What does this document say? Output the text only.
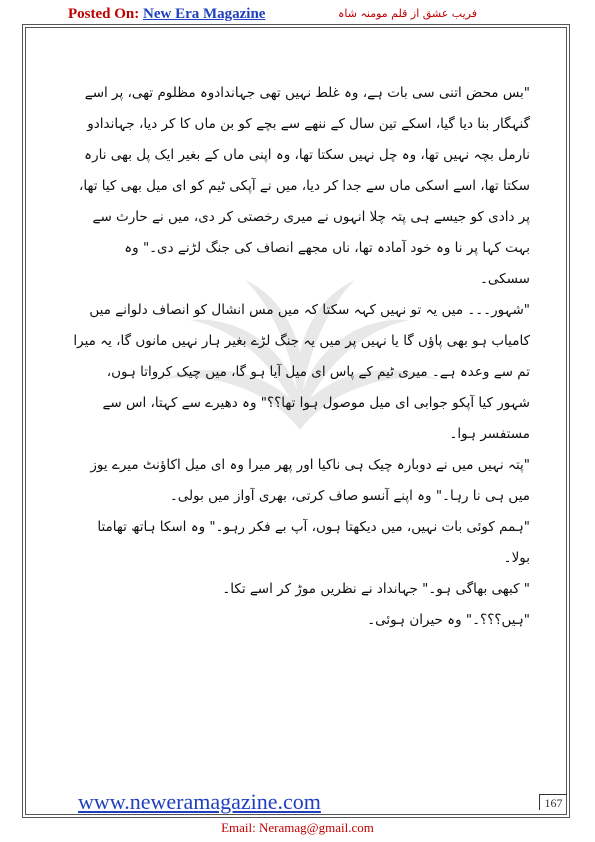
Posted On: New Era Magazine	فریب عشق از قلم مومنہ شاہ

"بس محض اتنی سی بات ہے، وہ غلط نہیں تھی جہاندادوہ مظلوم تھی، پر اسے گنہگار بنا دیا گیا، اسکے تین سال کے ننھے سے بچے کو بن ماں کا کر دیا، جہاندادو نارمل بچہ نہیں تھا، وہ چل نہیں سکتا تھا، وہ اپنی ماں کے بغیر ایک پل بھی نارہ سکتا تھا، اسے اسکی ماں سے جدا کر دیا، میں نے آپکی ٹیم کو ای میل بھی کیا تھا، پر دادی کو جیسے ہی پتہ چلا انہوں نے میری رخصتی کر دی، میں نے حارث سے بہت کہا پر نا وہ خود آمادہ تھا، ناں مجھے انصاف کی جنگ لڑنے دی۔" وہ سسکی۔

"شہور۔۔۔ میں یہ تو نہیں کہہ سکتا کہ میں مس انشال کو انصاف دلوانے میں کامیاب ہو بھی پاؤں گا یا نہیں پر میں یہ جنگ لڑے بغیر ہار نہیں مانوں گا، یہ میرا تم سے وعدہ ہے۔ میری ٹیم کے پاس ای میل آیا ہو گا، میں چیک کرواتا ہوں، شہور کیا آپکو جوابی ای میل موصول ہوا تھا؟؟" وہ دھیرے سے کہتا، اس سے مستفسر ہوا۔

"پتہ نہیں میں نے دوبارہ چیک ہی ناکیا اور پھر میرا وہ ای میل اکاؤنٹ میرے یوز میں ہی نا رہا۔" وہ اپنے آنسو صاف کرتی، بھری آواز میں بولی۔

"ہمم کوئی بات نہیں، میں دیکھتا ہوں، آپ بے فکر رہو۔" وہ اسکا ہاتھ تھامتا بولا۔

" کبھی بھاگی ہو۔" جہانداد نے نظریں موڑ کر اسے تکا۔

"ہیں؟؟؟۔" وہ حیران ہوئی۔

www.neweramagazine.com	167
Email: Neramag@gmail.com
